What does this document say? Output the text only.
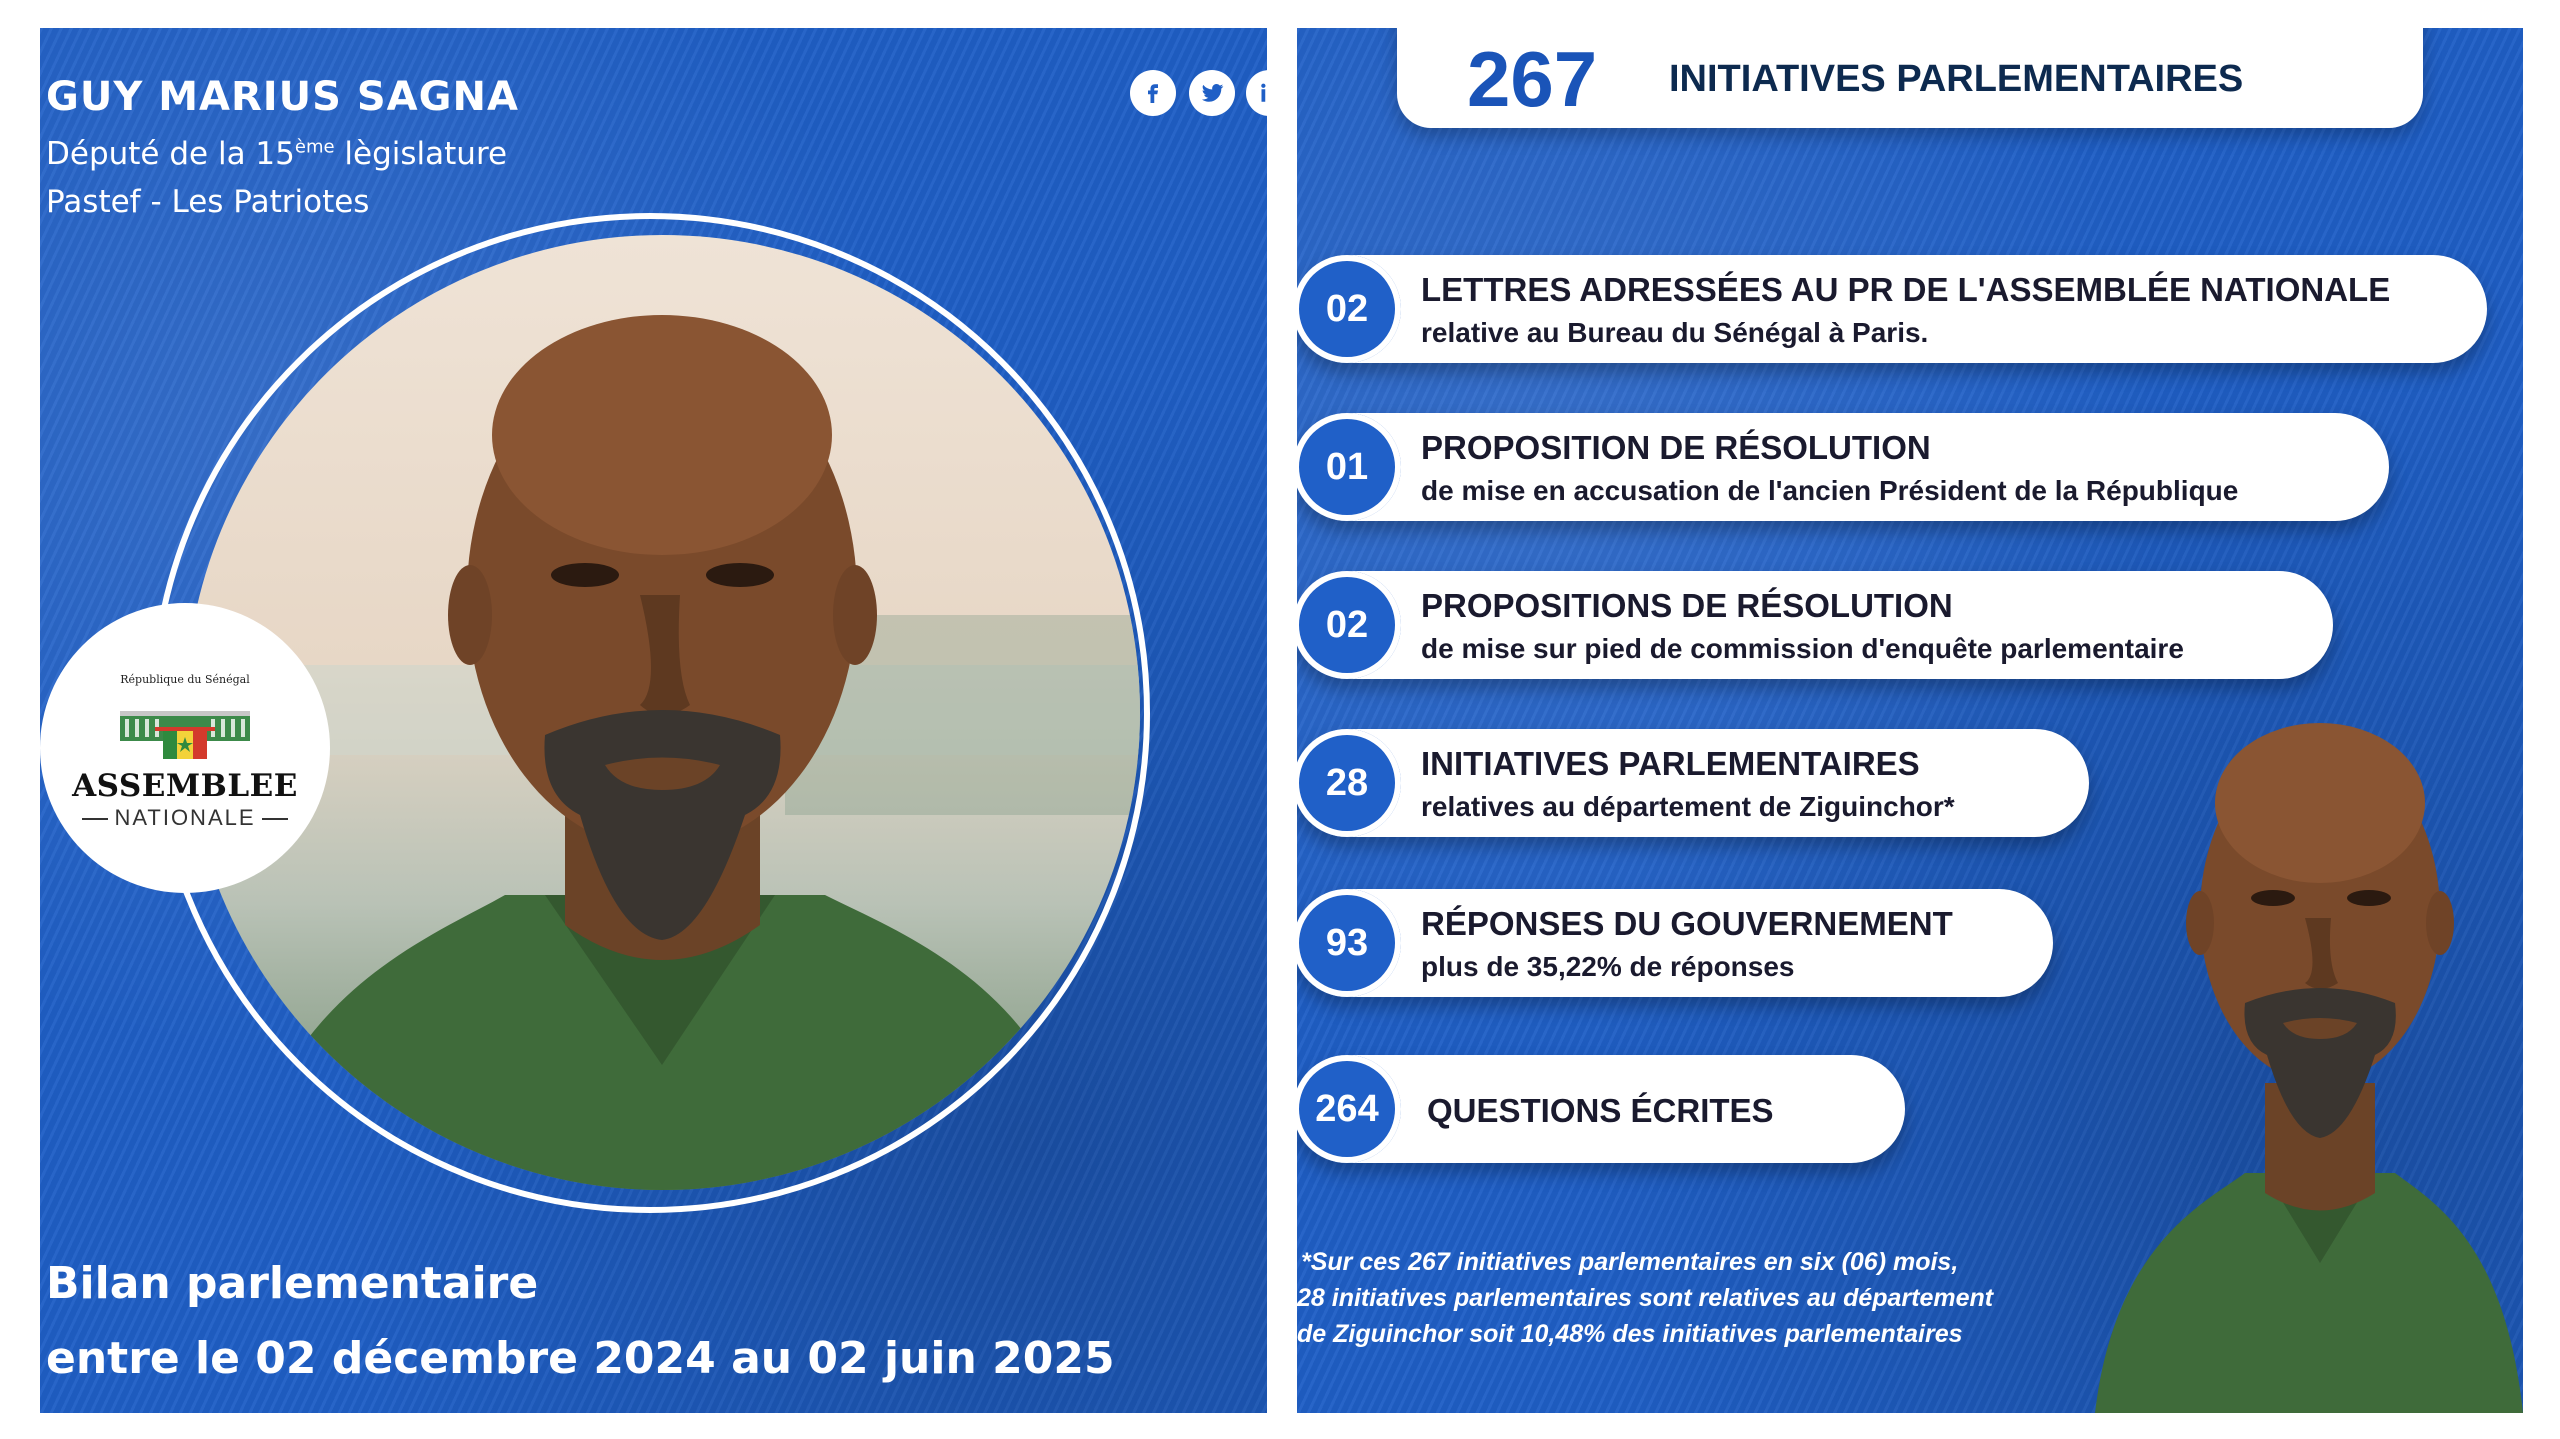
GUY MARIUS SAGNA
Député de la 15ème lègislature
Pastef - Les Patriotes
République du Sénégal
ASSEMBLEE
NATIONALE
Bilan parlementaire
entre le 02 décembre 2024 au 02 juin 2025
267 INITIATIVES PARLEMENTAIRES
02	LETTRES ADRESSÉES AU PR DE L'ASSEMBLÉE NATIONALE
relative au Bureau du Sénégal à Paris.
01	PROPOSITION DE RÉSOLUTION
de mise en accusation de l'ancien Président de la République
02	PROPOSITIONS DE RÉSOLUTION
de mise sur pied de commission d'enquête parlementaire
28	INITIATIVES PARLEMENTAIRES
relatives au département de Ziguinchor*
93	RÉPONSES DU GOUVERNEMENT
plus de 35,22% de réponses
264	QUESTIONS ÉCRITES
*Sur ces 267 initiatives parlementaires en six (06) mois,
28 initiatives parlementaires sont relatives au département
de Ziguinchor soit 10,48% des initiatives parlementaires
